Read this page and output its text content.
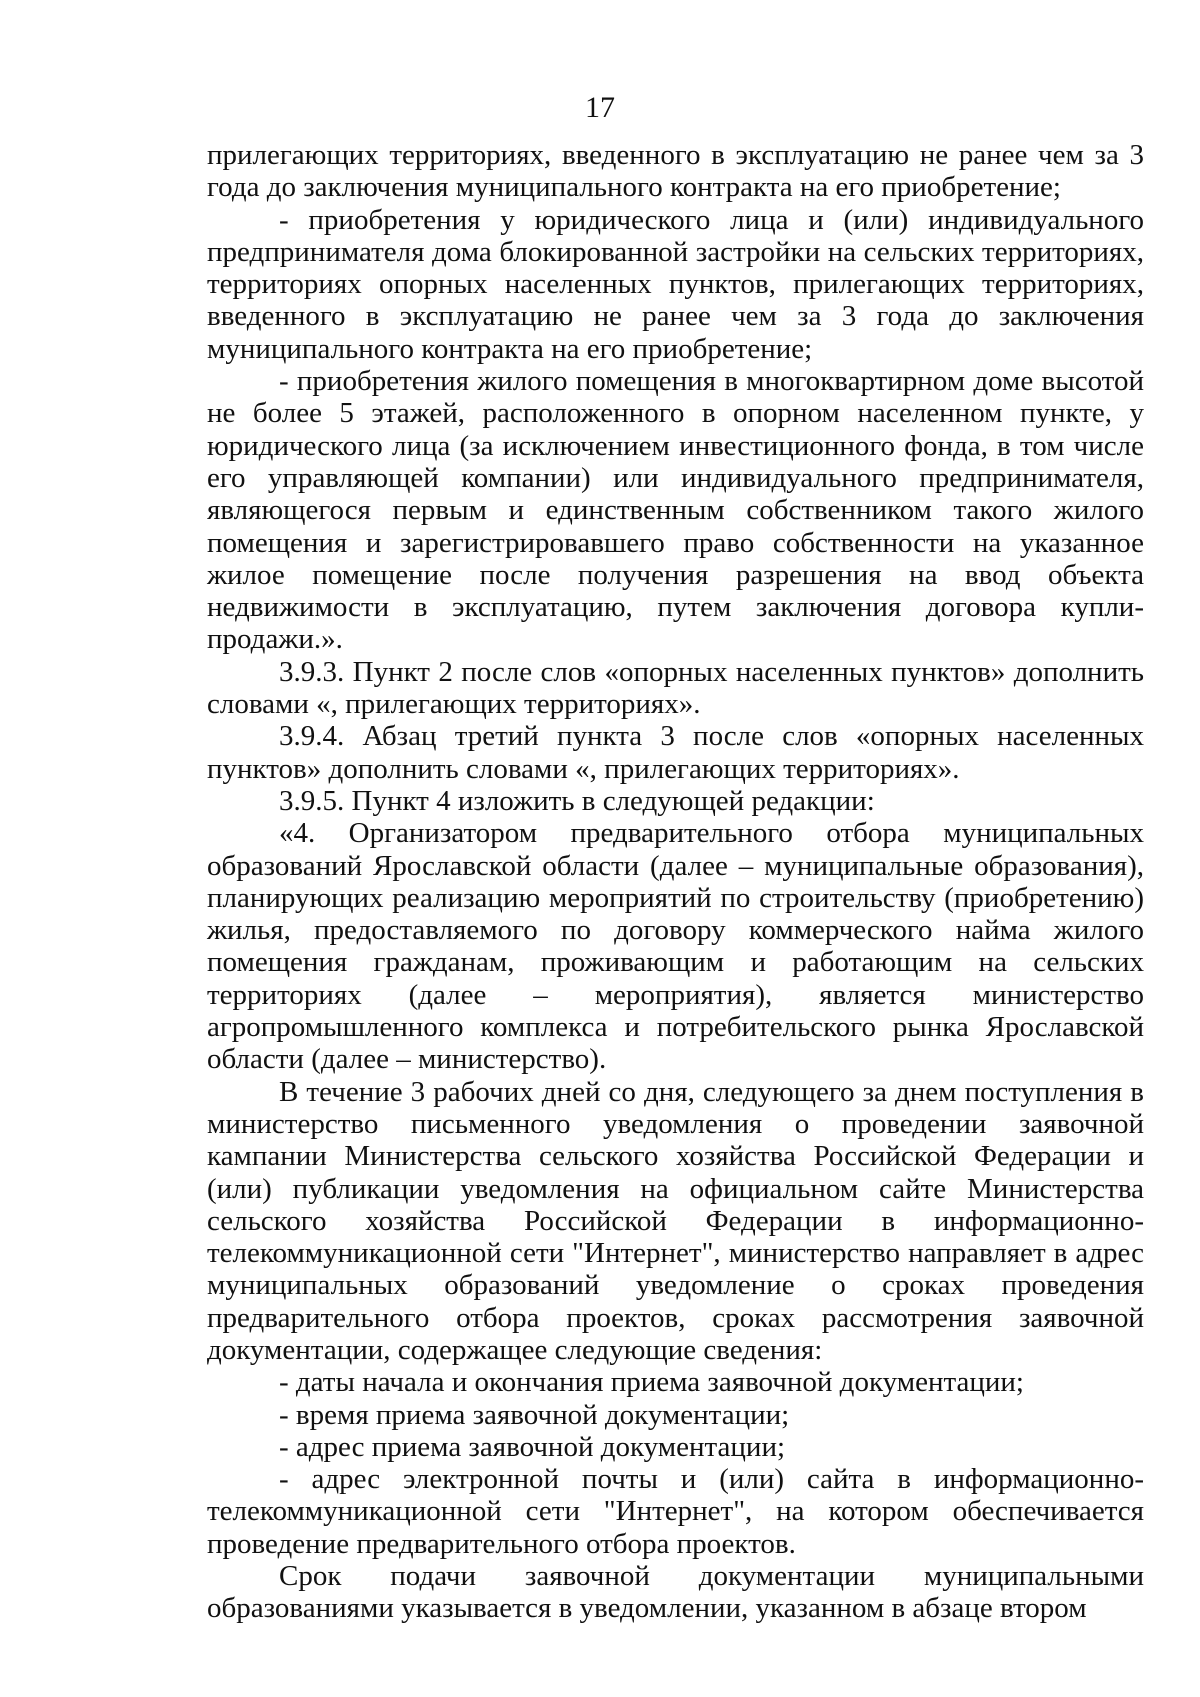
17

прилегающих территориях, введенного в эксплуатацию не ранее чем за 3 года до заключения муниципального контракта на его приобретение;

- приобретения у юридического лица и (или) индивидуального предпринимателя дома блокированной застройки на сельских территориях, территориях опорных населенных пунктов, прилегающих территориях, введенного в эксплуатацию не ранее чем за 3 года до заключения муниципального контракта на его приобретение;

- приобретения жилого помещения в многоквартирном доме высотой не более 5 этажей, расположенного в опорном населенном пункте, у юридического лица (за исключением инвестиционного фонда, в том числе его управляющей компании) или индивидуального предпринимателя, являющегося первым и единственным собственником такого жилого помещения и зарегистрировавшего право собственности на указанное жилое помещение после получения разрешения на ввод объекта недвижимости в эксплуатацию, путем заключения договора купли-продажи.».

3.9.3. Пункт 2 после слов «опорных населенных пунктов» дополнить словами «, прилегающих территориях».

3.9.4. Абзац третий пункта 3 после слов «опорных населенных пунктов» дополнить словами «, прилегающих территориях».

3.9.5. Пункт 4 изложить в следующей редакции:

«4. Организатором предварительного отбора муниципальных образований Ярославской области (далее – муниципальные образования), планирующих реализацию мероприятий по строительству (приобретению) жилья, предоставляемого по договору коммерческого найма жилого помещения гражданам, проживающим и работающим на сельских территориях (далее – мероприятия), является министерство агропромышленного комплекса и потребительского рынка Ярославской области (далее – министерство).

В течение 3 рабочих дней со дня, следующего за днем поступления в министерство письменного уведомления о проведении заявочной кампании Министерства сельского хозяйства Российской Федерации и (или) публикации уведомления на официальном сайте Министерства сельского хозяйства Российской Федерации в информационно-телекоммуникационной сети "Интернет", министерство направляет в адрес муниципальных образований уведомление о сроках проведения предварительного отбора проектов, сроках рассмотрения заявочной документации, содержащее следующие сведения:

- даты начала и окончания приема заявочной документации;

- время приема заявочной документации;

- адрес приема заявочной документации;

- адрес электронной почты и (или) сайта в информационно-телекоммуникационной сети "Интернет", на котором обеспечивается проведение предварительного отбора проектов.

Срок подачи заявочной документации муниципальными образованиями указывается в уведомлении, указанном в абзаце втором
